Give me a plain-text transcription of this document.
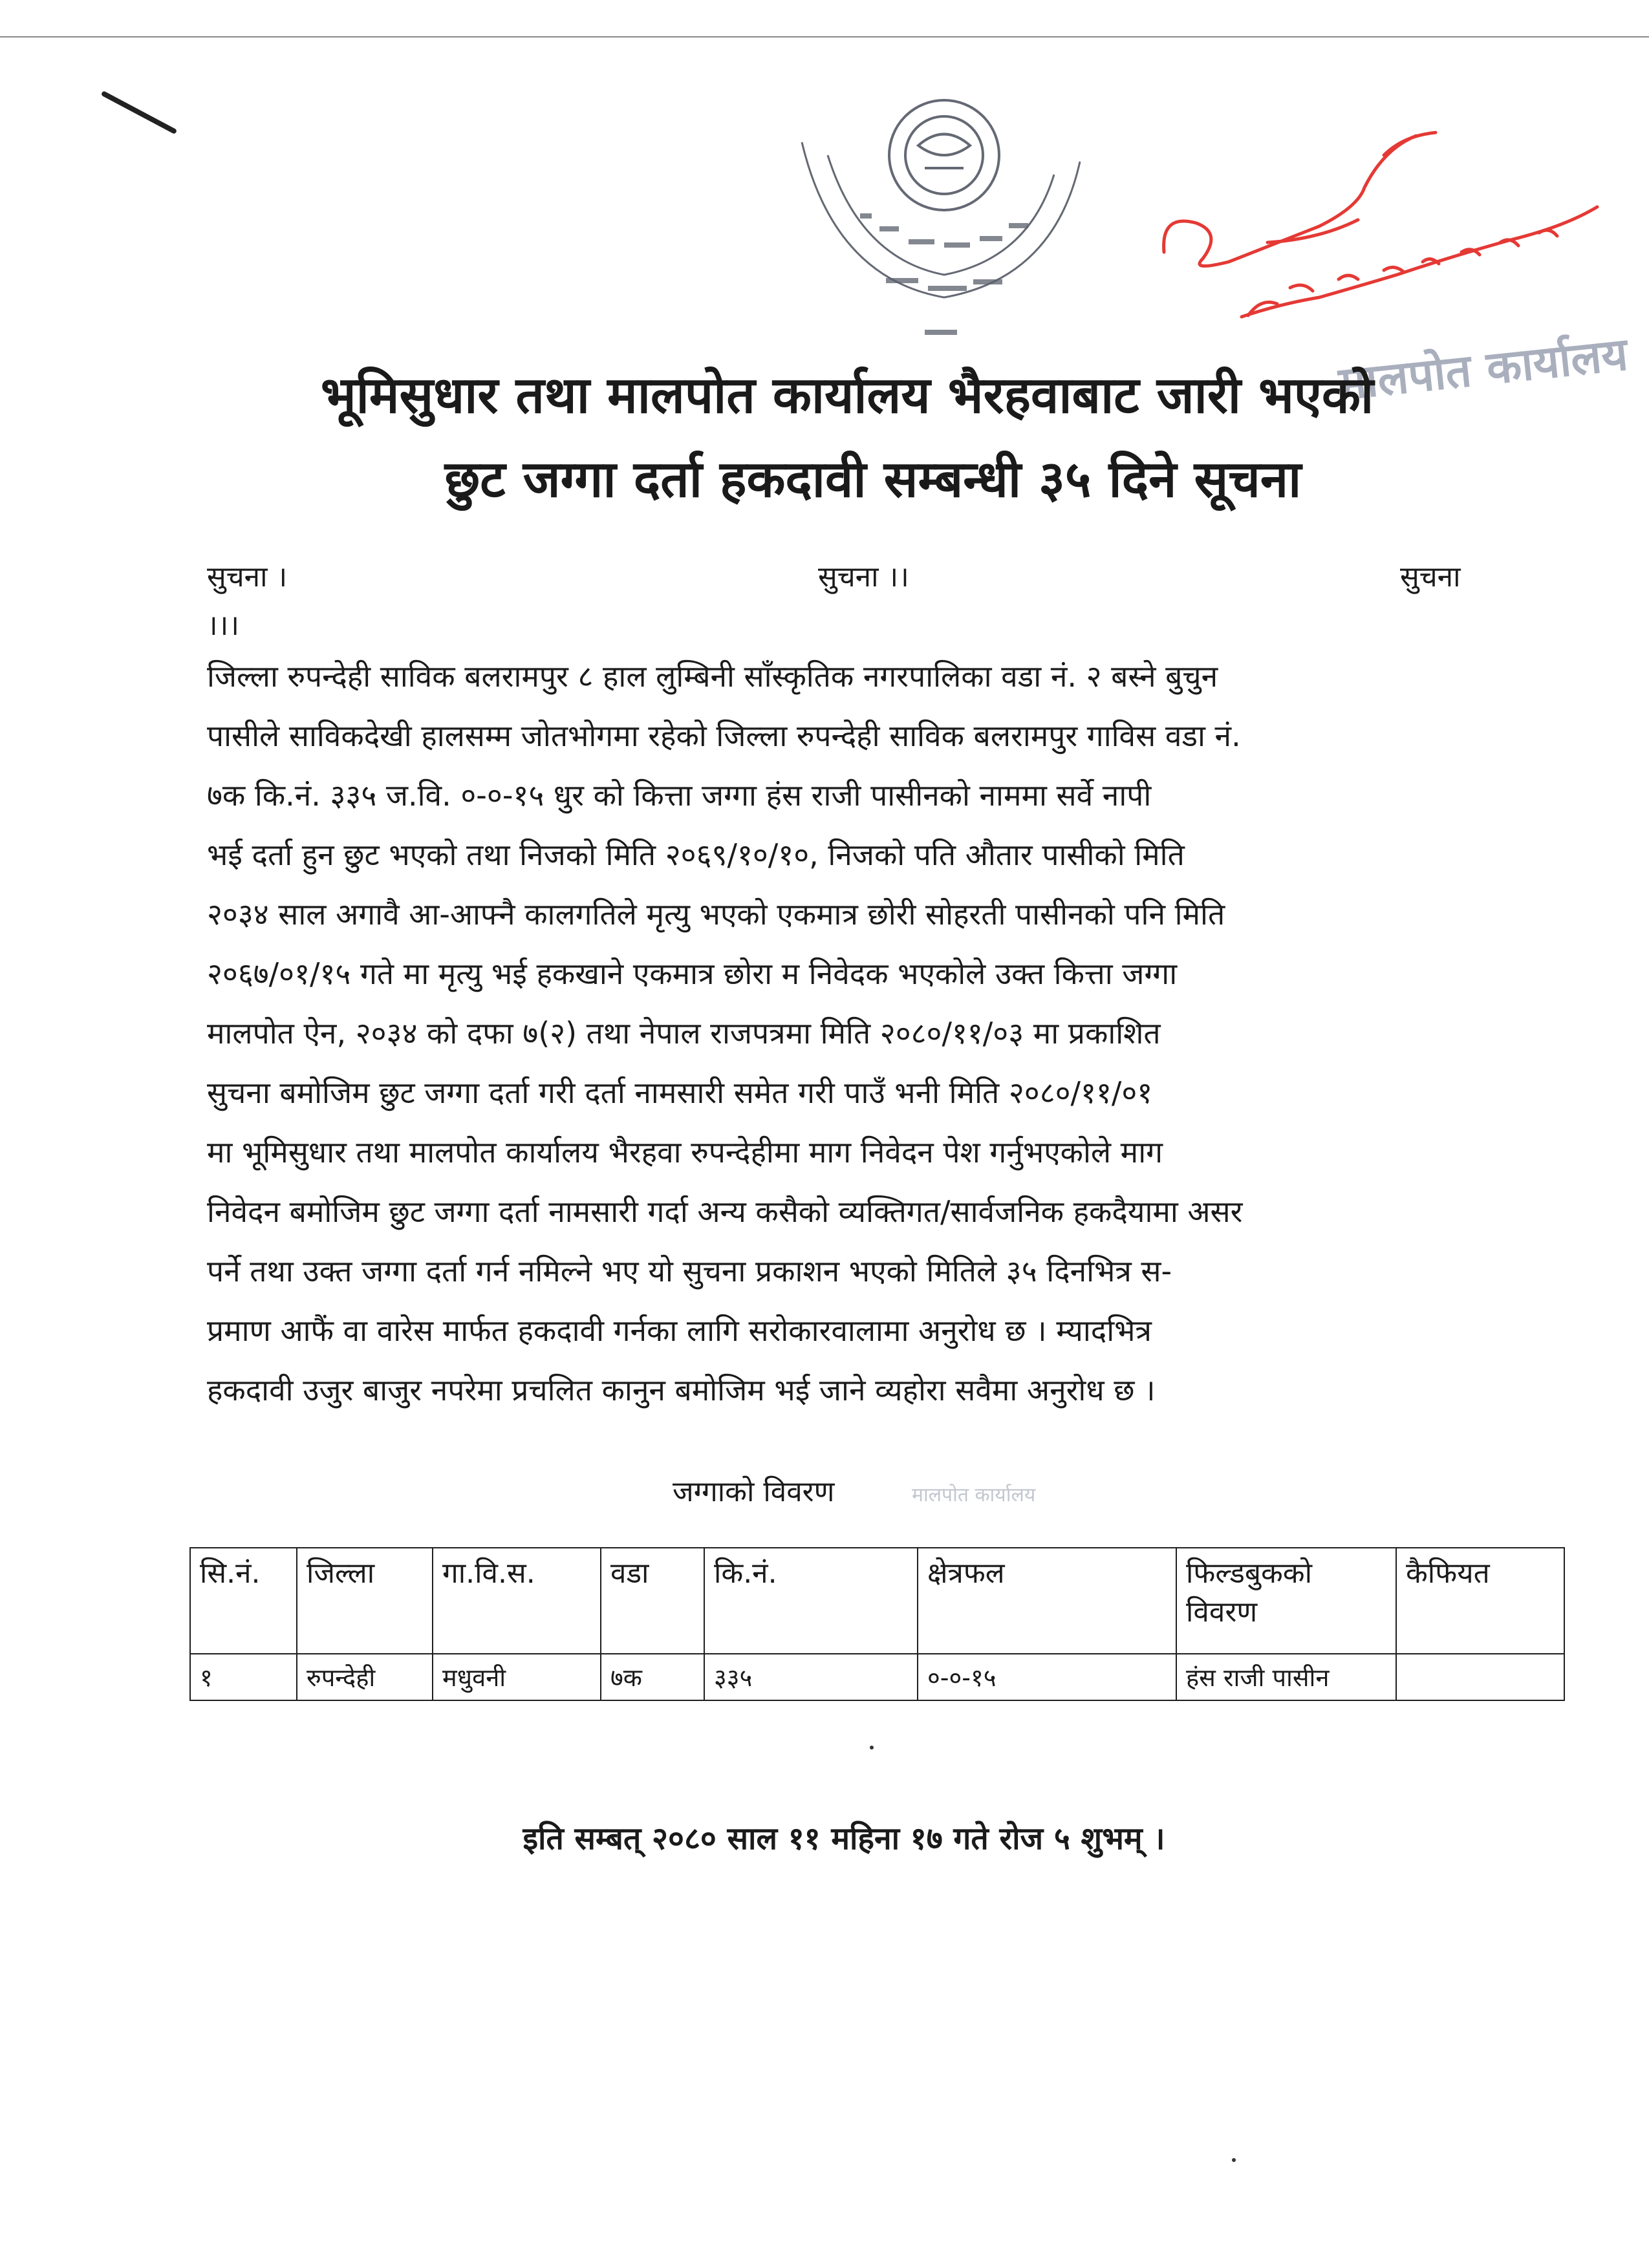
मालपोत कार्यालय
भूमिसुधार तथा मालपोत कार्यालय भैरहवाबाट जारी भएको
छुट जग्गा दर्ता हकदावी सम्बन्धी ३५ दिने सूचना
सुचना ।	सुचना ।।	सुचना
।।।
जिल्ला रुपन्देही साविक बलरामपुर ८ हाल लुम्बिनी साँस्कृतिक नगरपालिका वडा नं. २ बस्ने बुचुन
पासीले साविकदेखी हालसम्म जोतभोगमा रहेको जिल्ला रुपन्देही साविक बलरामपुर गाविस वडा नं.
७क कि.नं. ३३५ ज.वि. ०-०-१५ धुर को कित्ता जग्गा हंस राजी पासीनको नाममा सर्वे नापी
भई दर्ता हुन छुट भएको तथा निजको मिति २०६९/१०/१०, निजको पति औतार पासीको मिति
२०३४ साल अगावै आ-आफ्नै कालगतिले मृत्यु भएको एकमात्र छोरी सोहरती पासीनको पनि मिति
२०६७/०१/१५ गते मा मृत्यु भई हकखाने एकमात्र छोरा म निवेदक भएकोले उक्त कित्ता जग्गा
मालपोत ऐन, २०३४ को दफा ७(२) तथा नेपाल राजपत्रमा मिति २०८०/११/०३ मा प्रकाशित
सुचना बमोजिम छुट जग्गा दर्ता गरी दर्ता नामसारी समेत गरी पाउँ भनी मिति २०८०/११/०१
मा भूमिसुधार तथा मालपोत कार्यालय भैरहवा रुपन्देहीमा माग निवेदन पेश गर्नुभएकोले माग
निवेदन बमोजिम छुट जग्गा दर्ता नामसारी गर्दा अन्य कसैको व्यक्तिगत/सार्वजनिक हकदैयामा असर
पर्ने तथा उक्त जग्गा दर्ता गर्न नमिल्ने भए यो सुचना प्रकाशन भएको मितिले ३५ दिनभित्र स-
प्रमाण आफैं वा वारेस मार्फत हकदावी गर्नका लागि सरोकारवालामा अनुरोध छ । म्यादभित्र
हकदावी उजुर बाजुर नपरेमा प्रचलित कानुन बमोजिम भई जाने व्यहोरा सवैमा अनुरोध छ ।
जग्गाको विवरण	मालपोत कार्यालय
सि.नं.	जिल्ला	गा.वि.स.	वडा	कि.नं.	क्षेत्रफल	फिल्डबुकको विवरण	कैफियत
१	रुपन्देही	मधुवनी	७क	३३५	०-०-१५	हंस राजी पासीन	
इति सम्बत् २०८० साल ११ महिना १७ गते रोज ५ शुभम् ।
